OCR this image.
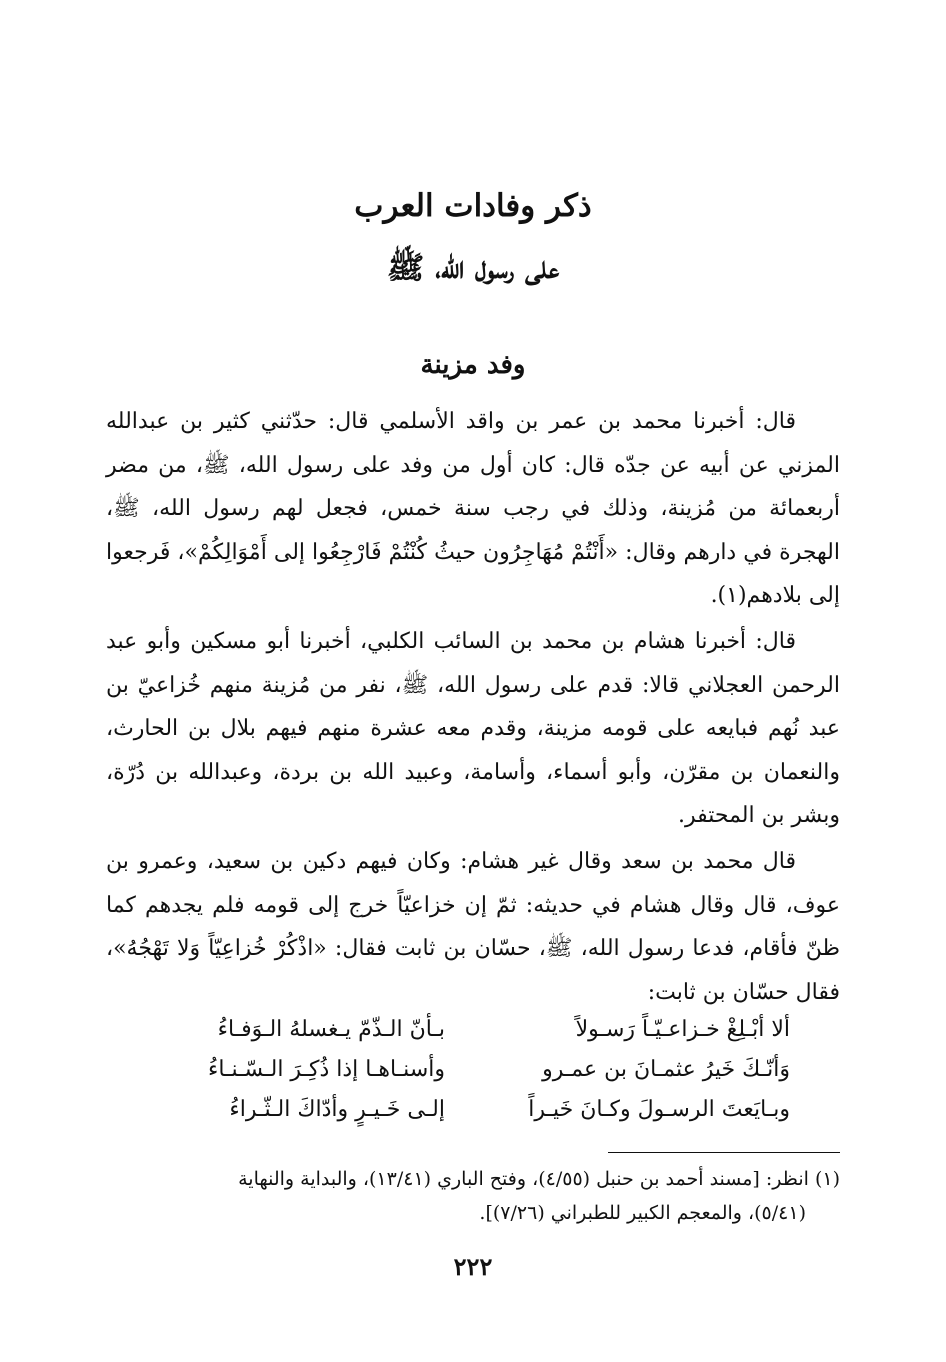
ذكر وفادات العرب
على رسول الله، ﷺ
وفد مزينة
قال: أخبرنا محمد بن عمر بن واقد الأسلمي قال: حدّثني كثير بن عبدالله المزني عن أبيه عن جدّه قال: كان أول من وفد على رسول الله، ﷺ، من مضر أربعمائة من مُزينة، وذلك في رجب سنة خمس، فجعل لهم رسول الله، ﷺ، الهجرة في دارهم وقال: «أَنْتُمْ مُهَاجِرُون حيثُ كُنْتُمْ فَارْجِعُوا إلى أَمْوَالِكُمْ»، فَرجعوا إلى بلادهم(١).
قال: أخبرنا هشام بن محمد بن السائب الكلبي، أخبرنا أبو مسكين وأبو عبد الرحمن العجلاني قالا: قدم على رسول الله، ﷺ، نفر من مُزينة منهم خُزاعيّ بن عبد نُهم فبايعه على قومه مزينة، وقدم معه عشرة منهم فيهم بلال بن الحارث، والنعمان بن مقرّن، وأبو أسماء، وأسامة، وعبيد الله بن بردة، وعبدالله بن دُرّة، وبشر بن المحتفر.
قال محمد بن سعد وقال غير هشام: وكان فيهم دكين بن سعيد، وعمرو بن عوف، قال وقال هشام في حديثه: ثمّ إن خزاعيّاً خرج إلى قومه فلم يجدهم كما ظنّ فأقام، فدعا رسول الله، ﷺ، حسّان بن ثابت فقال: «اذْكُرْ خُزاعِيّاً وَلا تَهْجُهُ»، فقال حسّان بن ثابت:
ألا أبْـلِغْ خـزاعـيّـاً رَسـولاً
بـأنّ الـذّمّ يـغسلهُ الـوَفـاءُ
وَأنّـكَ خَيرُ عثمـانَ بن عمـرو
وأسنـاهـا إذا ذُكِـرَ الـسّـنـاءُ
وبـايَعتَ الرسـولَ وكـانَ خَيـراً
إلـى خَـيـرٍ وأدّاكَ الـثّـراءُ
(١) انظر: [مسند أحمد بن حنبل (٤/٥٥)، وفتح الباري (١٣/٤١)، والبداية والنهاية
(٥/٤١)، والمعجم الكبير للطبراني (٧/٢٦)].
٢٢٢
